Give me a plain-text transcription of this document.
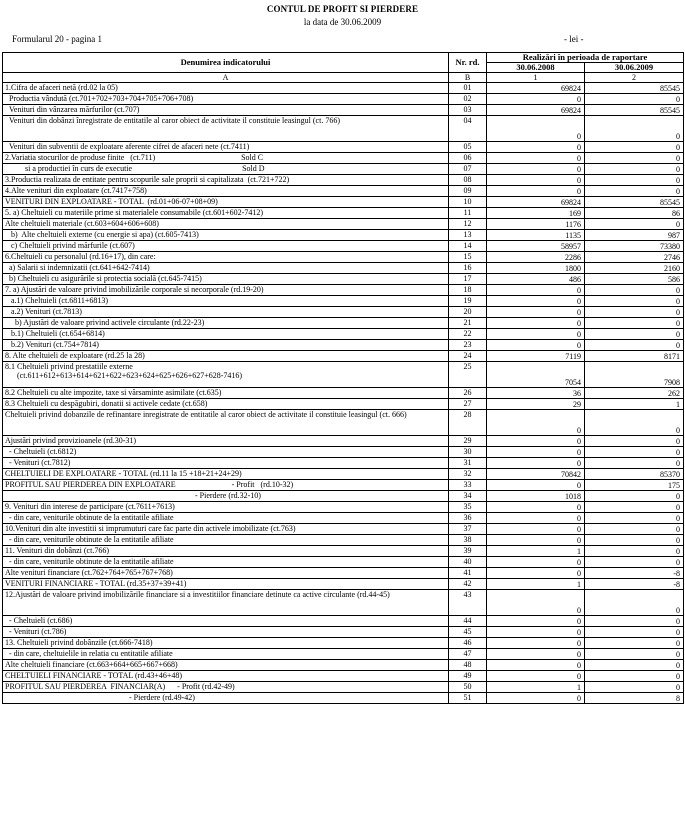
CONTUL DE PROFIT SI PIERDERE
la data de 30.06.2009
Formularul 20 - pagina 1	- lei -
Denumirea indicatorului	Nr. rd.	Realizări în perioada de raportare	
		30.06.2008	30.06.2009
A	B	1	2
1.Cifra de afaceri netă (rd.02 la 05)	01	69824	85545
Productia vândută (ct.701+702+703+704+705+706+708)	02	0	0
Venituri din vânzarea mărfurilor (ct.707)	03	69824	85545
Venituri din dobânzi înregistrate de entitatile al caror obiect de activitate il constituie leasingul (ct. 766)	04	0	0
Venituri din subventii de exploatare aferente cifrei de afaceri nete (ct.7411)	05	0	0
2.Variatia stocurilor de produse finite   (ct.711)                                           Sold C	06	0	0
si a productiei în curs de executie                                                       Sold D	07	0	0
3.Productia realizata de entitate pentru scopurile sale proprii si capitalizata  (ct.721+722)	08	0	0
4.Alte venituri din exploatare (ct.7417+758)	09	0	0
VENITURI DIN EXPLOATARE - TOTAL  (rd.01+06-07+08+09)	10	69824	85545
5. a) Cheltuieli cu materiile prime si materialele consumabile (ct.601+602-7412)	11	169	86
Alte cheltuieli materiale (ct.603+604+606+608)	12	1176	0
b)  Alte cheltuieli externe (cu energie si apa) (ct.605-7413)	13	1135	987
c) Cheltuieli privind mărfurile (ct.607)	14	58957	73380
6.Cheltuieli cu personalul (rd.16+17), din care:	15	2286	2746
a) Salarii si indemnizatii (ct.641+642-7414)	16	1800	2160
b) Cheltuieli cu asigurările si protectia socială (ct.645-7415)	17	486	586
7. a) Ajustări de valoare privind imobilizările corporale si necorporale (rd.19-20)	18	0	0
a.1) Cheltuieli (ct.6811+6813)	19	0	0
a.2) Venituri (ct.7813)	20	0	0
b) Ajustări de valoare privind activele circulante (rd.22-23)	21	0	0
b.1) Cheltuieli (ct.654+6814)	22	0	0
b.2) Venituri (ct.754+7814)	23	0	0
8. Alte cheltuieli de exploatare (rd.25 la 28)	24	7119	8171
8.1 Cheltuieli privind prestatiile externe
(ct.611+612+613+614+621+622+623+624+625+626+627+628-7416)	25	7054	7908
8.2 Cheltuieli cu alte impozite, taxe si vărsaminte asimilate (ct.635)	26	36	262
8.3 Cheltuieli cu despăgubiri, donatii si activele cedate (ct.658)	27	29	1
Cheltuieli privind dobanzile de refinantare inregistrate de entitatile al caror obiect de activitate il constituie leasingul (ct. 666)	28	0	0
Ajustări privind provizioanele (rd.30-31)	29	0	0
- Cheltuieli (ct.6812)	30	0	0
- Venituri (ct.7812)	31	0	0
CHELTUIELI DE EXPLOATARE - TOTAL (rd.11 la 15 +18+21+24+29)	32	70842	85370
PROFITUL SAU PIERDEREA DIN EXPLOATARE                            - Profit   (rd.10-32)	33	0	175
- Pierdere (rd.32-10)	34	1018	0
9. Venituri din interese de participare (ct.7611+7613)	35	0	0
- din care, veniturile obtinute de la entitatile afiliate	36	0	0
10.Venituri din alte investitii si imprumuturi care fac parte din activele imobilizate (ct.763)	37	0	0
- din care, veniturile obtinute de la entitatile afiliate	38	0	0
11. Venituri din dobânzi (ct.766)	39	1	0
- din care, veniturile obtinute de la entitatile afiliate	40	0	0
Alte venituri financiare (ct.762+764+765+767+768)	41	0	-8
VENITURI FINANCIARE - TOTAL (rd.35+37+39+41)	42	1	-8
12.Ajustări de valoare privind imobilizările financiare si a investitiilor financiare detinute ca active circulante (rd.44-45)	43	0	0
- Cheltuieli (ct.686)	44	0	0
- Venituri (ct.786)	45	0	0
13. Cheltuieli privind dobânzile (ct.666-7418)	46	0	0
- din care, cheltuielile in relatia cu entitatile afiliate	47	0	0
Alte cheltuieli financiare (ct.663+664+665+667+668)	48	0	0
CHELTUIELI FINANCIARE - TOTAL (rd.43+46+48)	49	0	0
PROFITUL SAU PIERDEREA  FINANCIAR(A)      - Profit (rd.42-49)	50	1	0
- Pierdere (rd.49-42)	51	0	8
